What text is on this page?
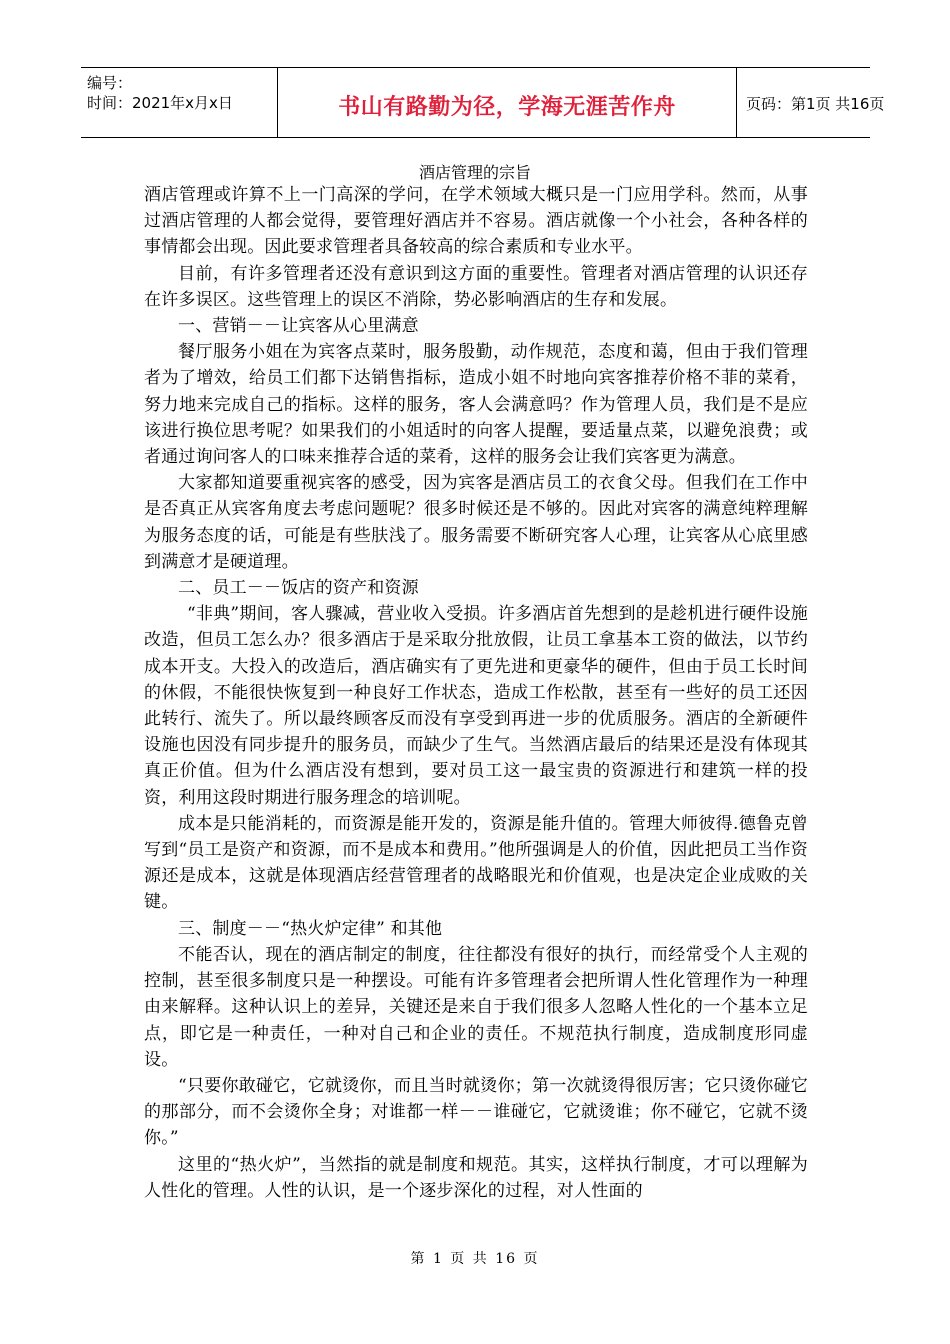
编号：
时间：2021年x月x日	书山有路勤为径，学海无涯苦作舟	页码：第1页 共16页
酒店管理的宗旨

酒店管理或许算不上一门高深的学问，在学术领域大概只是一门应用学科。然而，从事过酒店管理的人都会觉得，要管理好酒店并不容易。酒店就像一个小社会，各种各样的事情都会出现。因此要求管理者具备较高的综合素质和专业水平。

目前，有许多管理者还没有意识到这方面的重要性。管理者对酒店管理的认识还存在许多误区。这些管理上的误区不消除，势必影响酒店的生存和发展。

一、营销－－让宾客从心里满意

餐厅服务小姐在为宾客点菜时，服务殷勤，动作规范，态度和蔼，但由于我们管理者为了增效，给员工们都下达销售指标，造成小姐不时地向宾客推荐价格不菲的菜肴，努力地来完成自己的指标。这样的服务，客人会满意吗？作为管理人员，我们是不是应该进行换位思考呢？如果我们的小姐适时的向客人提醒，要适量点菜，以避免浪费；或者通过询问客人的口味来推荐合适的菜肴，这样的服务会让我们宾客更为满意。

大家都知道要重视宾客的感受，因为宾客是酒店员工的衣食父母。但我们在工作中是否真正从宾客角度去考虑问题呢？很多时候还是不够的。因此对宾客的满意纯粹理解为服务态度的话，可能是有些肤浅了。服务需要不断研究客人心理，让宾客从心底里感到满意才是硬道理。

二、员工－－饭店的资产和资源

“非典”期间，客人骤减，营业收入受损。许多酒店首先想到的是趁机进行硬件设施改造，但员工怎么办？很多酒店于是采取分批放假，让员工拿基本工资的做法，以节约成本开支。大投入的改造后，酒店确实有了更先进和更豪华的硬件，但由于员工长时间的休假，不能很快恢复到一种良好工作状态，造成工作松散，甚至有一些好的员工还因此转行、流失了。所以最终顾客反而没有享受到再进一步的优质服务。酒店的全新硬件设施也因没有同步提升的服务员，而缺少了生气。当然酒店最后的结果还是没有体现其真正价值。但为什么酒店没有想到，要对员工这一最宝贵的资源进行和建筑一样的投资，利用这段时期进行服务理念的培训呢。

成本是只能消耗的，而资源是能开发的，资源是能升值的。管理大师彼得.德鲁克曾写到“员工是资产和资源，而不是成本和费用。”他所强调是人的价值，因此把员工当作资源还是成本，这就是体现酒店经营管理者的战略眼光和价值观，也是决定企业成败的关键。

三、制度－－“热火炉定律” 和其他

不能否认，现在的酒店制定的制度，往往都没有很好的执行，而经常受个人主观的控制，甚至很多制度只是一种摆设。可能有许多管理者会把所谓人性化管理作为一种理由来解释。这种认识上的差异，关键还是来自于我们很多人忽略人性化的一个基本立足点，即它是一种责任，一种对自己和企业的责任。不规范执行制度，造成制度形同虚设。

“只要你敢碰它，它就烫你，而且当时就烫你；第一次就烫得很厉害；它只烫你碰它的那部分，而不会烫你全身；对谁都一样－－谁碰它，它就烫谁；你不碰它，它就不烫你。”

这里的“热火炉”，当然指的就是制度和规范。其实，这样执行制度，才可以理解为人性化的管理。人性的认识，是一个逐步深化的过程，对人性面的

第 1 页 共 16 页
